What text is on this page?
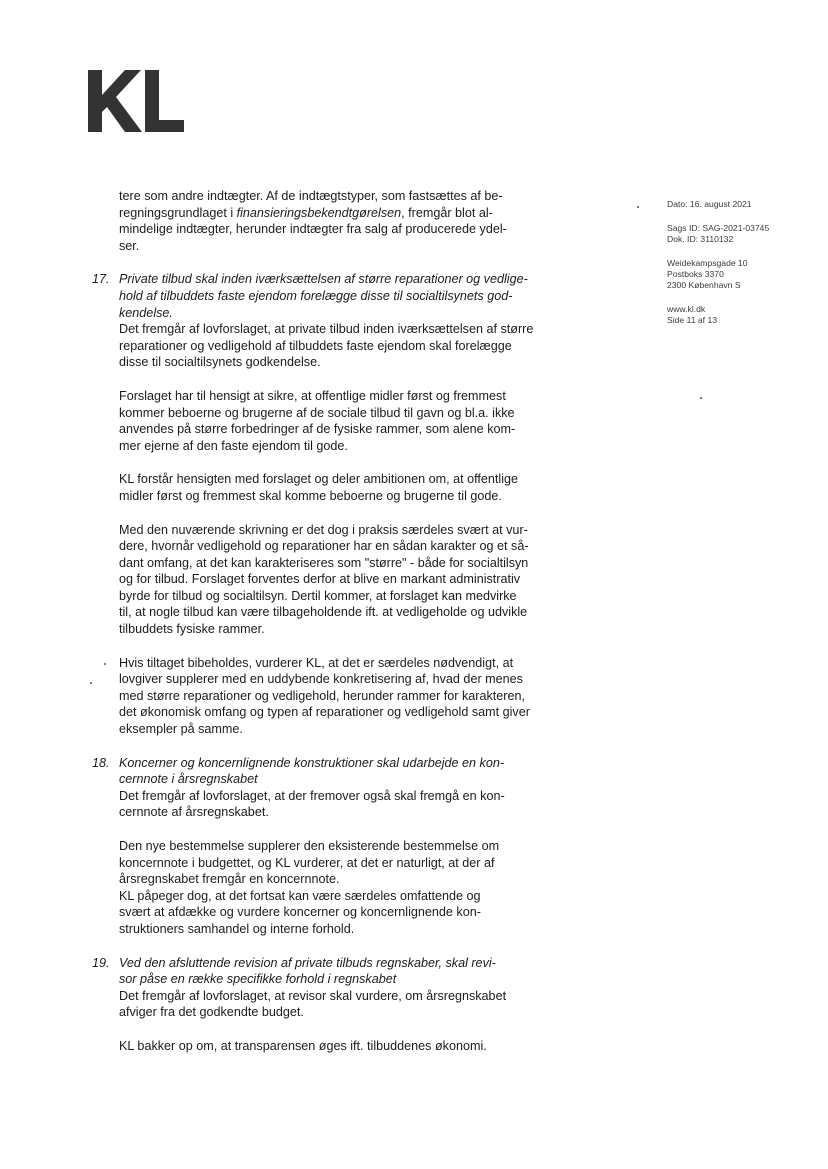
Dato: 16. august 2021
Sags ID: SAG-2021-03745
Dok. ID: 3110132
Weidekampsgade 10
Postboks 3370
2300 København S
www.kl.dk
Side 11 af 13

tere som andre indtægter. Af de indtægtstyper, som fastsættes af be-
regningsgrundlaget i finansieringsbekendtgørelsen, fremgår blot al-
mindelige indtægter, herunder indtægter fra salg af producerede ydel-
ser.

17. Private tilbud skal inden iværksættelsen af større reparationer og vedlige-
hold af tilbuddets faste ejendom forelægge disse til socialtilsynets god-
kendelse.

Det fremgår af lovforslaget, at private tilbud inden iværksættelsen af større
reparationer og vedligehold af tilbuddets faste ejendom skal forelægge
disse til socialtilsynets godkendelse.

Forslaget har til hensigt at sikre, at offentlige midler først og fremmest
kommer beboerne og brugerne af de sociale tilbud til gavn og bl.a. ikke
anvendes på større forbedringer af de fysiske rammer, som alene kom-
mer ejerne af den faste ejendom til gode.

KL forstår hensigten med forslaget og deler ambitionen om, at offentlige
midler først og fremmest skal komme beboerne og brugerne til gode.

Med den nuværende skrivning er det dog i praksis særdeles svært at vur-
dere, hvornår vedligehold og reparationer har en sådan karakter og et så-
dant omfang, at det kan karakteriseres som "større" - både for socialtilsyn
og for tilbud. Forslaget forventes derfor at blive en markant administrativ
byrde for tilbud og socialtilsyn. Dertil kommer, at forslaget kan medvirke
til, at nogle tilbud kan være tilbageholdende ift. at vedligeholde og udvikle
tilbuddets fysiske rammer.

Hvis tiltaget bibeholdes, vurderer KL, at det er særdeles nødvendigt, at
lovgiver supplerer med en uddybende konkretisering af, hvad der menes
med større reparationer og vedligehold, herunder rammer for karakteren,
det økonomisk omfang og typen af reparationer og vedligehold samt giver
eksempler på samme.

18. Koncerner og koncernlignende konstruktioner skal udarbejde en kon-
cernnote i årsregnskabet

Det fremgår af lovforslaget, at der fremover også skal fremgå en kon-
cernnote af årsregnskabet.

Den nye bestemmelse supplerer den eksisterende bestemmelse om
koncernnote i budgettet, og KL vurderer, at det er naturligt, at der af
årsregnskabet fremgår en koncernnote.
KL påpeger dog, at det fortsat kan være særdeles omfattende og
svært at afdække og vurdere koncerner og koncernlignende kon-
struktioners samhandel og interne forhold.

19. Ved den afsluttende revision af private tilbuds regnskaber, skal revi-
sor påse en række specifikke forhold i regnskabet

Det fremgår af lovforslaget, at revisor skal vurdere, om årsregnskabet
afviger fra det godkendte budget.

KL bakker op om, at transparensen øges ift. tilbuddenes økonomi.
